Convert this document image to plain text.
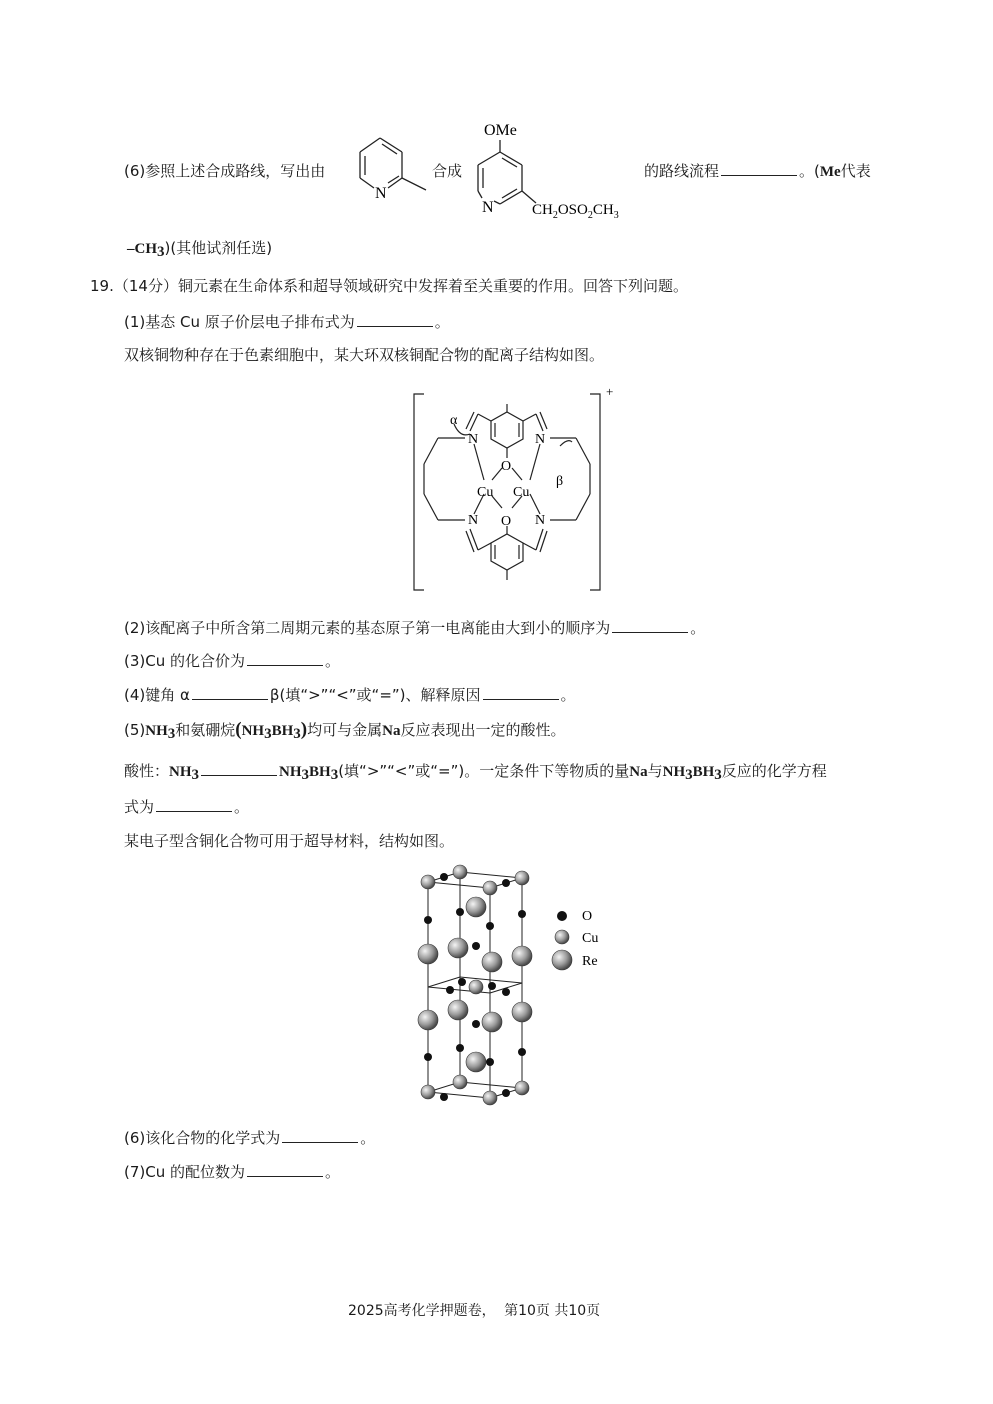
(6)参照上述合成路线，写出由
N
合成
OMe
N	$CH_2OSO_2CH_3$
的路线流程	。(Me代表
–CH3)(其他试剂任选)
19.（14分）铜元素在生命体系和超导领域研究中发挥着至关重要的作用。回答下列问题。
(1)基态 Cu 原子价层电子排布式为	。
双核铜物种存在于色素细胞中，某大环双核铜配合物的配离子结构如图。
+
α
β
N	N
N	N
O
O
Cu Cu
(2)该配离子中所含第二周期元素的基态原子第一电离能由大到小的顺序为	。
(3)Cu 的化合价为	。
(4)键角 α	β(填“>”“<”或“=”)、解释原因	。
(5)NH3和氨硼烷(NH3BH3)均可与金属Na反应表现出一定的酸性。
酸性：NH3	NH3BH3(填“>”“<”或“=”)。一定条件下等物质的量Na与NH3BH3反应的化学方程
式为	。
某电子型含铜化合物可用于超导材料，结构如图。
O
Cu
Re
(6)该化合物的化学式为	。
(7)Cu 的配位数为	。
2025高考化学押题卷， 第10页 共10页
